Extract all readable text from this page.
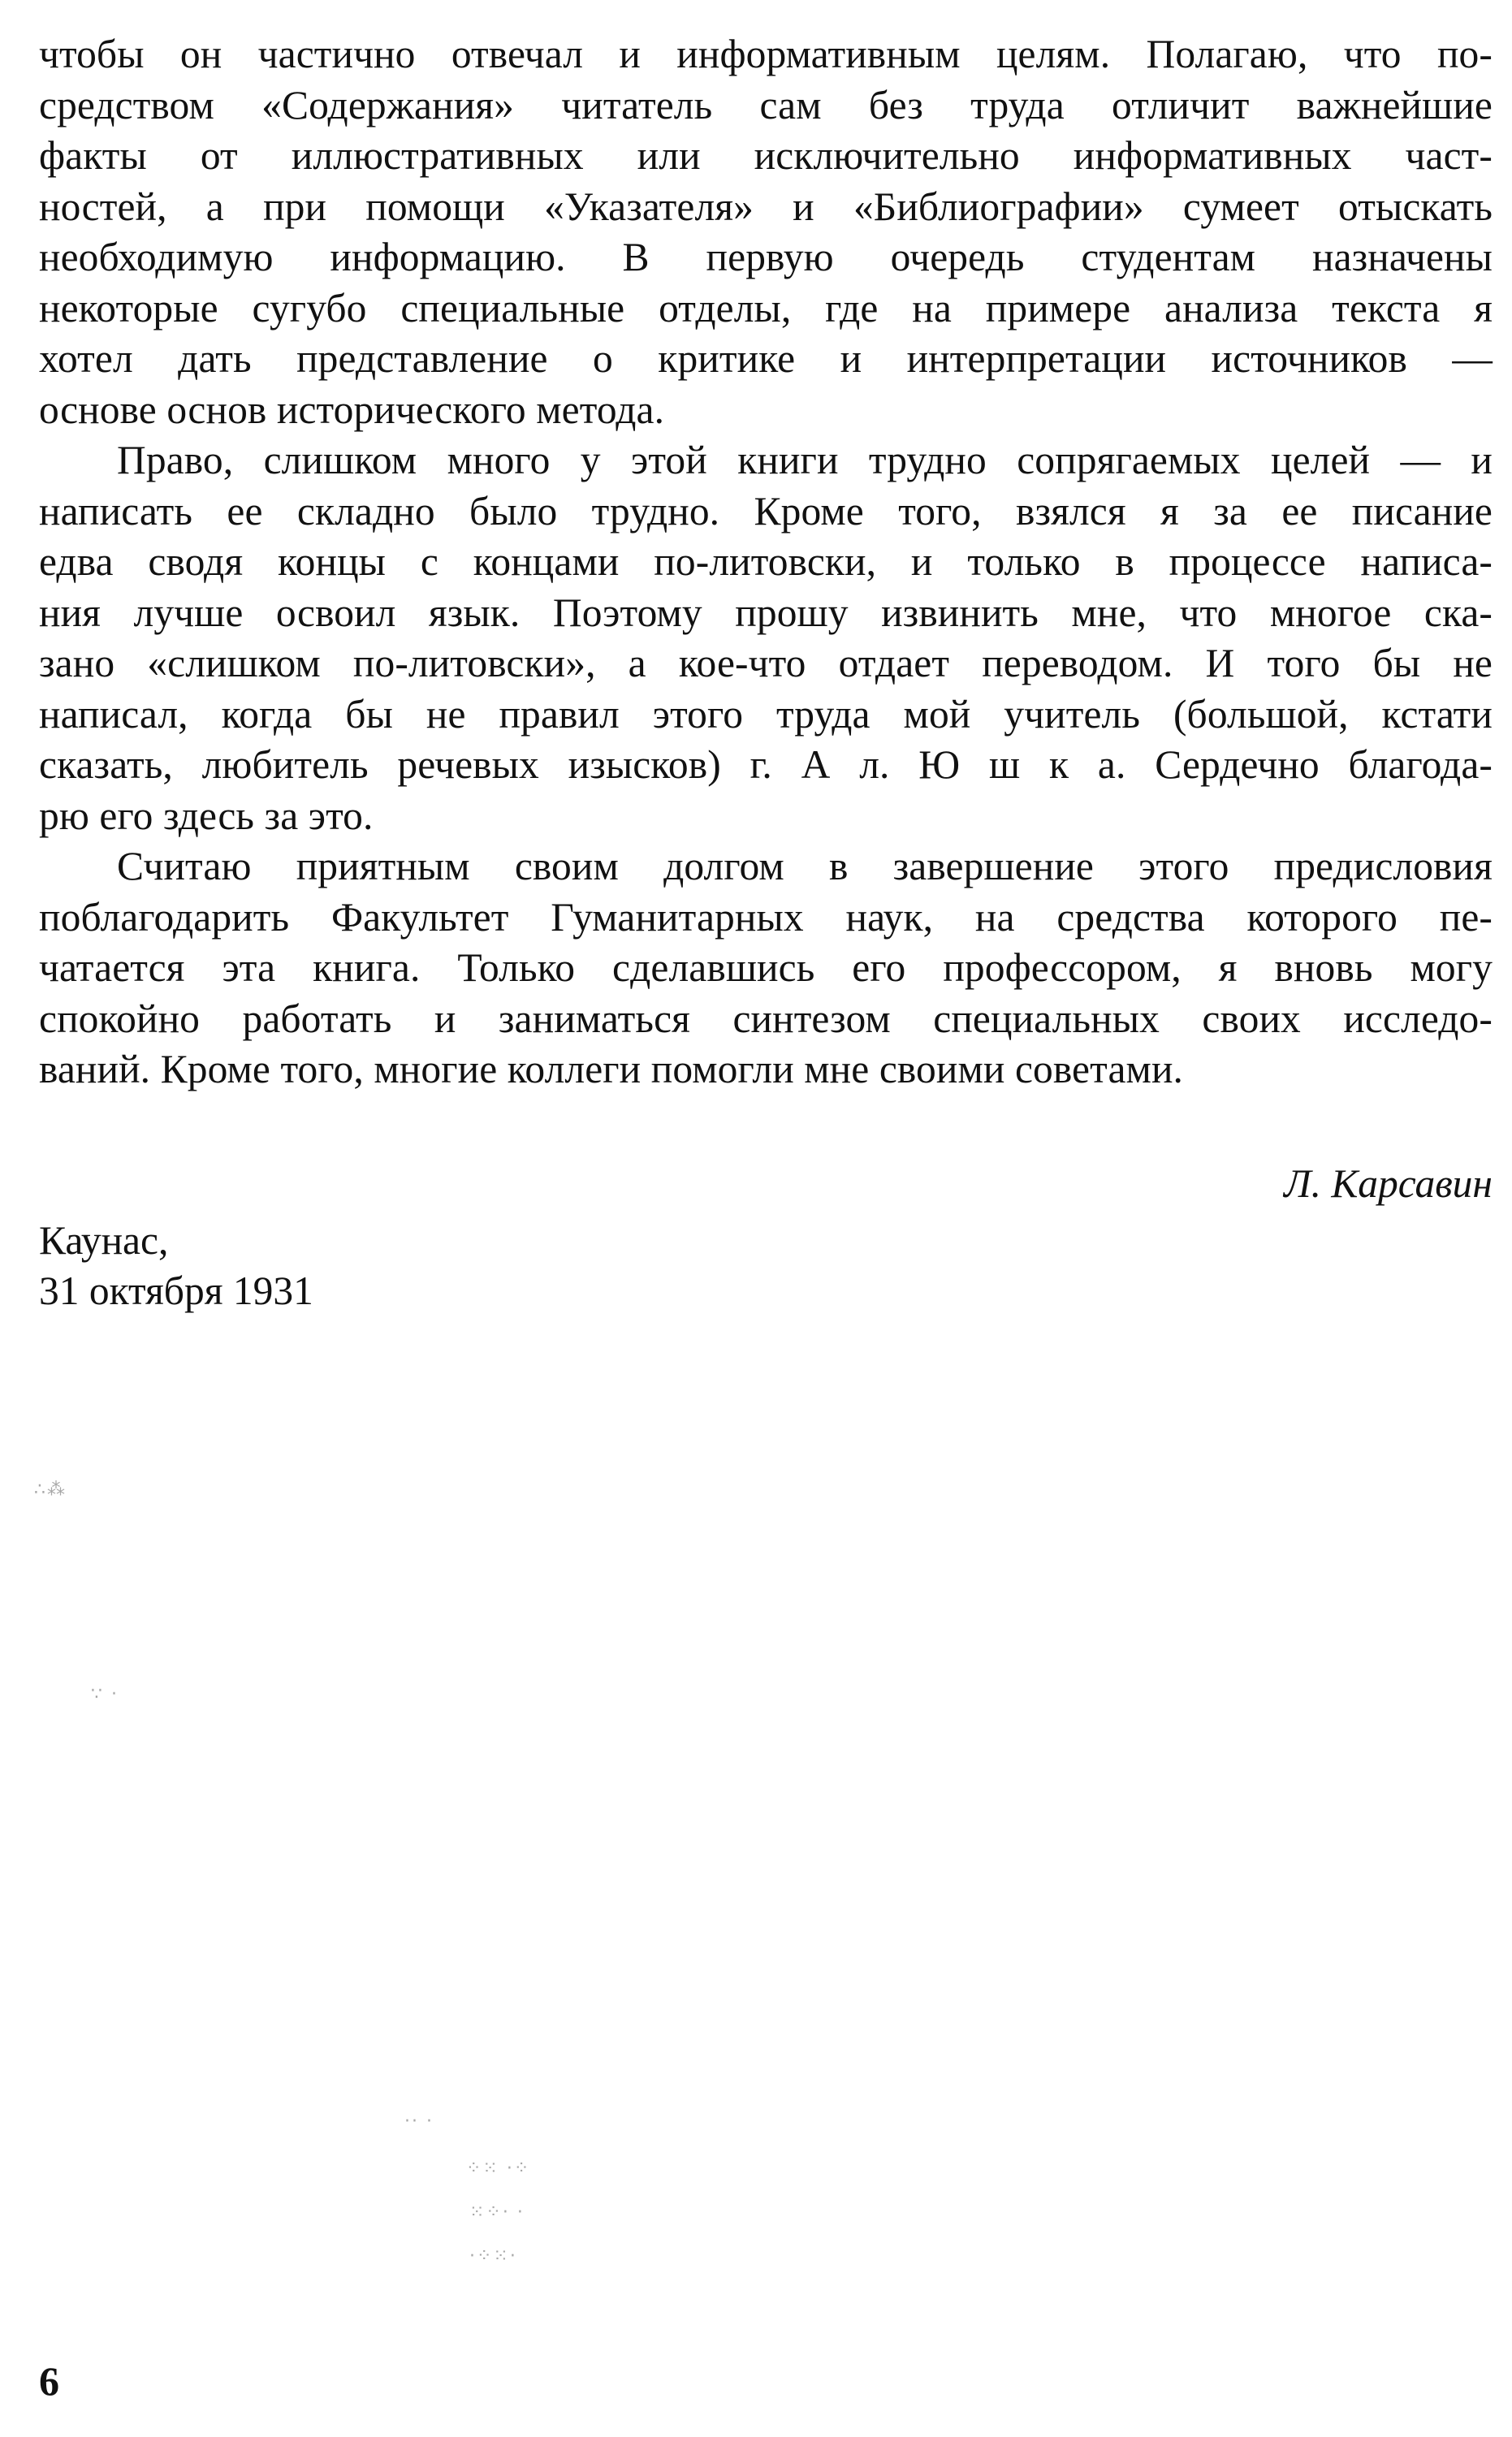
чтобы он частично отвечал и информативным целям. Полагаю, что по-
средством «Содержания» читатель сам без труда отличит важнейшие
факты от иллюстративных или исключительно информативных част-
ностей, а при помощи «Указателя» и «Библиографии» сумеет отыскать
необходимую информацию. В первую очередь студентам назначены
некоторые сугубо специальные отделы, где на примере анализа текста я
хотел дать представление о критике и интерпретации источников —
основе основ исторического метода.

Право, слишком много у этой книги трудно сопрягаемых целей — и
написать ее складно было трудно. Кроме того, взялся я за ее писание
едва сводя концы с концами по-литовски, и только в процессе написа-
ния лучше освоил язык. Поэтому прошу извинить мне, что многое ска-
зано «слишком по-литовски», а кое-что отдает переводом. И того бы не
написал, когда бы не правил этого труда мой учитель (большой, кстати
сказать, любитель речевых изысков) г. А л. Ю ш к а. Сердечно благода-
рю его здесь за это.

Считаю приятным своим долгом в завершение этого предисловия
поблагодарить Факультет Гуманитарных наук, на средства которого пе-
чатается эта книга. Только сделавшись его профессором, я вновь могу
спокойно работать и заниматься синтезом специальных своих исследо-
ваний. Кроме того, многие коллеги помогли мне своими советами.

Л. Карсавин

Каунас,
31 октября 1931
∴⁂
∵ ·
·· ·
⁘⁙ ·⁘
⁙⁘· ·
·⁘⁙·

6
